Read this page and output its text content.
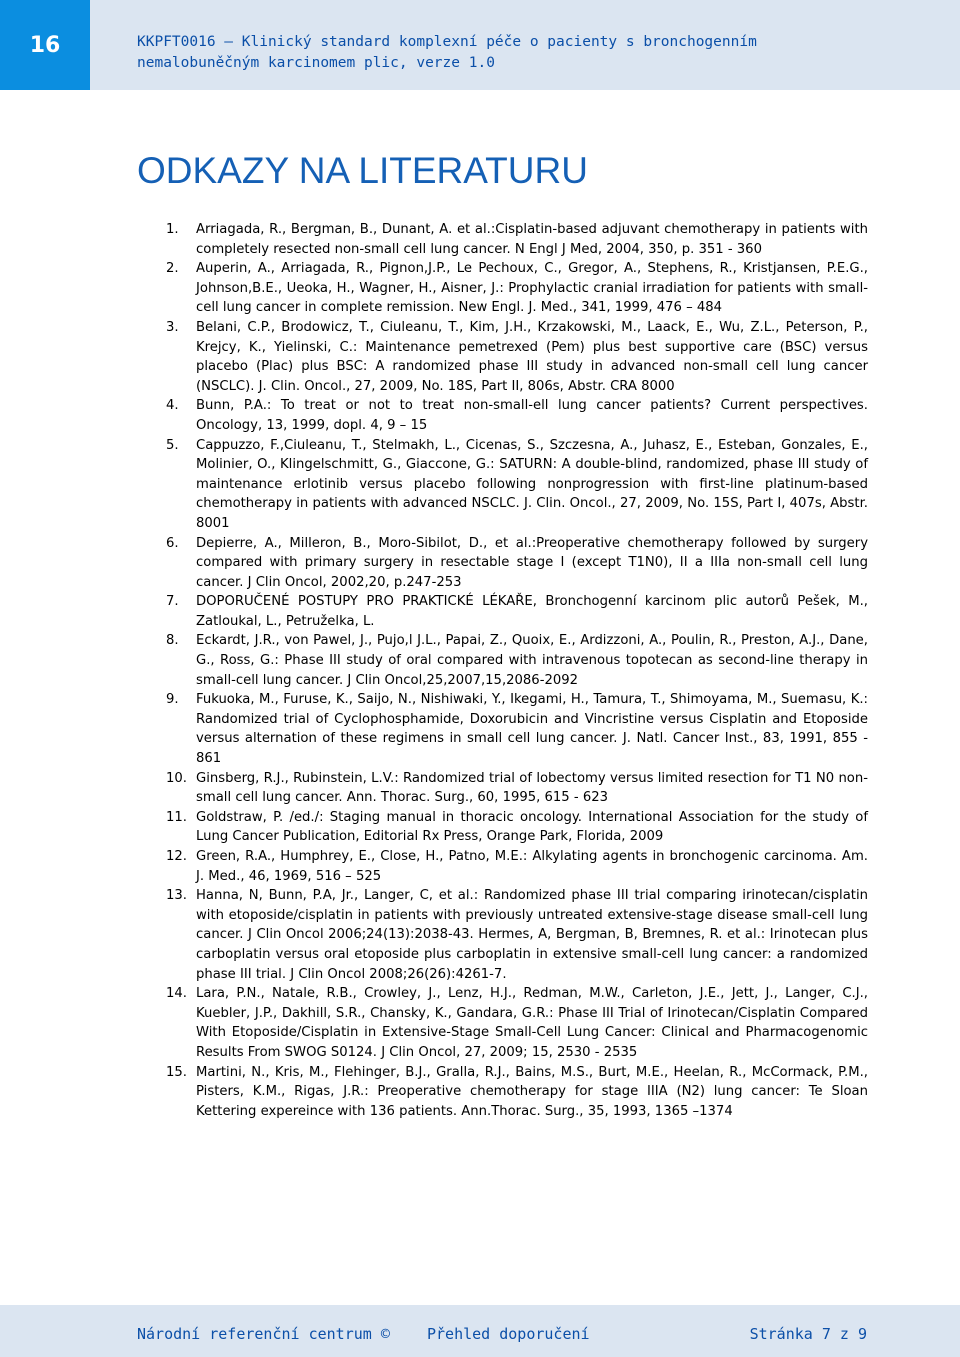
16	KKPFT0016 – Klinický standard komplexní péče o pacienty s bronchogenním
nemalobuněčným karcinomem plic, verze 1.0
ODKAZY NA LITERATURU
1. Arriagada, R., Bergman, B., Dunant, A. et al.:Cisplatin-based adjuvant chemotherapy in patients with completely resected non-small cell lung cancer. N Engl J Med, 2004, 350, p. 351 - 360
2. Auperin, A., Arriagada, R., Pignon,J.P., Le Pechoux, C., Gregor, A., Stephens, R., Kristjansen, P.E.G., Johnson,B.E., Ueoka, H., Wagner, H., Aisner, J.: Prophylactic cranial irradiation for patients with small-cell lung cancer in complete remission. New Engl. J. Med., 341, 1999, 476 – 484
3. Belani, C.P., Brodowicz, T., Ciuleanu, T., Kim, J.H., Krzakowski, M., Laack, E., Wu, Z.L., Peterson, P., Krejcy, K., Yielinski, C.: Maintenance pemetrexed (Pem) plus best supportive care (BSC) versus placebo (Plac) plus BSC: A randomized phase III study in advanced non-small cell lung cancer (NSCLC). J. Clin. Oncol., 27, 2009, No. 18S, Part II, 806s, Abstr. CRA 8000
4. Bunn, P.A.: To treat or not to treat non-small-ell lung cancer patients? Current perspectives. Oncology, 13, 1999, dopl. 4, 9 – 15
5. Cappuzzo, F.,Ciuleanu, T., Stelmakh, L., Cicenas, S., Szczesna, A., Juhasz, E., Esteban, Gonzales, E., Molinier, O., Klingelschmitt, G., Giaccone, G.: SATURN: A double-blind, randomized, phase III study of maintenance erlotinib versus placebo following nonprogression with first-line platinum-based chemotherapy in patients with advanced NSCLC. J. Clin. Oncol., 27, 2009, No. 15S, Part I, 407s, Abstr. 8001
6. Depierre, A., Milleron, B., Moro-Sibilot, D., et al.:Preoperative chemotherapy followed by surgery compared with primary surgery in resectable stage I (except T1N0), II a IIIa non-small cell lung cancer. J Clin Oncol, 2002,20, p.247-253
7. DOPORUČENÉ POSTUPY PRO PRAKTICKÉ LÉKAŘE, Bronchogenní karcinom plic autorů Pešek, M., Zatloukal, L., Petruželka, L.
8. Eckardt, J.R., von Pawel, J., Pujo,l J.L., Papai, Z., Quoix, E., Ardizzoni, A., Poulin, R., Preston, A.J., Dane, G., Ross, G.: Phase III study of oral compared with intravenous topotecan as second-line therapy in small-cell lung cancer. J Clin Oncol,25,2007,15,2086-2092
9. Fukuoka, M., Furuse, K., Saijo, N., Nishiwaki, Y., Ikegami, H., Tamura, T., Shimoyama, M., Suemasu, K.: Randomized trial of Cyclophosphamide, Doxorubicin and Vincristine versus Cisplatin and Etoposide versus alternation of these regimens in small cell lung cancer. J. Natl. Cancer Inst., 83, 1991, 855 - 861
10. Ginsberg, R.J., Rubinstein, L.V.: Randomized trial of lobectomy versus limited resection for T1 N0 non-small cell lung cancer. Ann. Thorac. Surg., 60, 1995, 615 - 623
11. Goldstraw, P. /ed./: Staging manual in thoracic oncology. International Association for the study of Lung Cancer Publication, Editorial Rx Press, Orange Park, Florida, 2009
12. Green, R.A., Humphrey, E., Close, H., Patno, M.E.: Alkylating agents in bronchogenic carcinoma. Am. J. Med., 46, 1969, 516 – 525
13. Hanna, N, Bunn, P.A, Jr., Langer, C, et al.: Randomized phase III trial comparing irinotecan/cisplatin with etoposide/cisplatin in patients with previously untreated extensive-stage disease small-cell lung cancer. J Clin Oncol 2006;24(13):2038-43. Hermes, A, Bergman, B, Bremnes, R. et al.: Irinotecan plus carboplatin versus oral etoposide plus carboplatin in extensive small-cell lung cancer: a randomized phase III trial. J Clin Oncol 2008;26(26):4261-7.
14. Lara, P.N., Natale, R.B., Crowley, J., Lenz, H.J., Redman, M.W., Carleton, J.E., Jett, J., Langer, C.J., Kuebler, J.P., Dakhill, S.R., Chansky, K., Gandara, G.R.: Phase III Trial of Irinotecan/Cisplatin Compared With Etoposide/Cisplatin in Extensive-Stage Small-Cell Lung Cancer: Clinical and Pharmacogenomic Results From SWOG S0124. J Clin Oncol, 27, 2009; 15, 2530 - 2535
15. Martini, N., Kris, M., Flehinger, B.J., Gralla, R.J., Bains, M.S., Burt, M.E., Heelan, R., McCormack, P.M., Pisters, K.M., Rigas, J.R.: Preoperative chemotherapy for stage IIIA (N2) lung cancer: Te Sloan Kettering expereince with 136 patients. Ann.Thorac. Surg., 35, 1993, 1365 –1374
Národní referenční centrum © Přehled doporučení	Stránka 7 z 9
